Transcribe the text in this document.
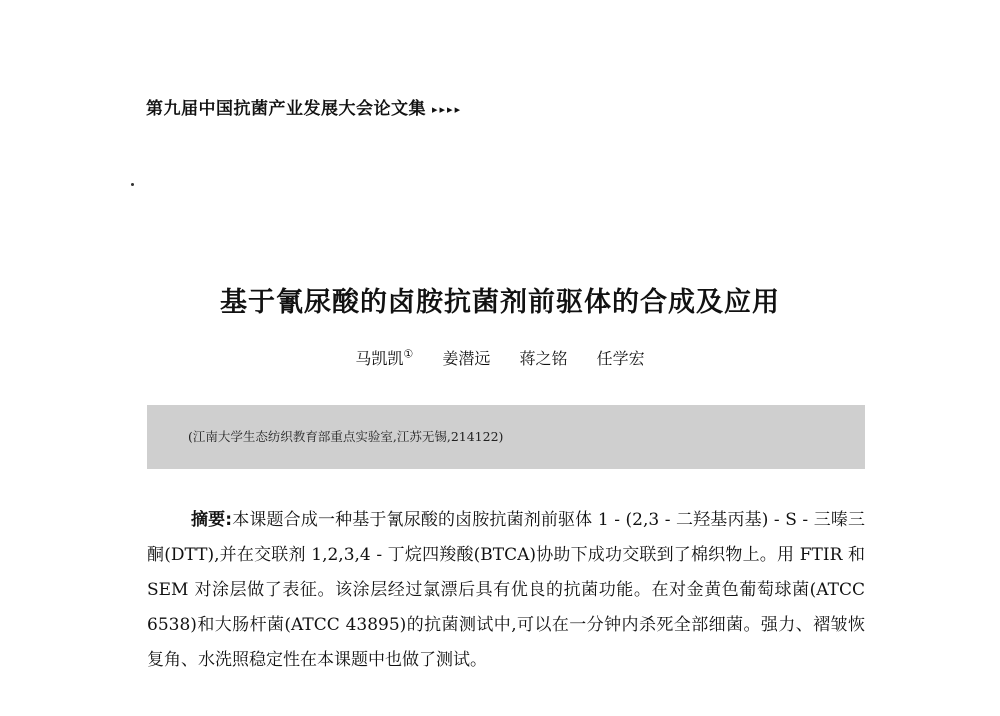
第九届中国抗菌产业发展大会论文集 ▸▸▸▸
基于氰尿酸的卤胺抗菌剂前驱体的合成及应用
马凯凯① 姜潜远 蒋之铭 任学宏
(江南大学生态纺织教育部重点实验室,江苏无锡,214122)
摘要:本课题合成一种基于氰尿酸的卤胺抗菌剂前驱体 1 - (2,3 - 二羟基丙基) - S - 三嗪三酮(DTT),并在交联剂 1,2,3,4 - 丁烷四羧酸(BTCA)协助下成功交联到了棉织物上。用 FTIR 和 SEM 对涂层做了表征。该涂层经过氯漂后具有优良的抗菌功能。在对金黄色葡萄球菌(ATCC 6538)和大肠杆菌(ATCC 43895)的抗菌测试中,可以在一分钟内杀死全部细菌。强力、褶皱恢复角、水洗照稳定性在本课题中也做了测试。
